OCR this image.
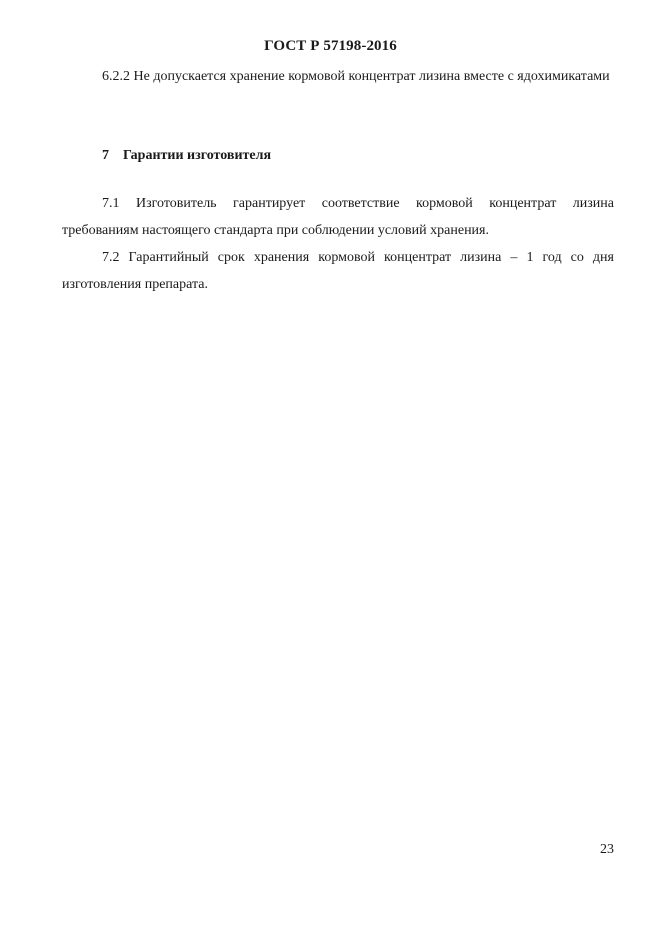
ГОСТ Р 57198-2016
6.2.2 Не допускается хранение кормовой концентрат лизина вместе с ядохимикатами
7 Гарантии изготовителя
7.1 Изготовитель гарантирует соответствие кормовой концентрат лизина требованиям настоящего стандарта при соблюдении условий хранения.
7.2 Гарантийный срок хранения кормовой концентрат лизина – 1 год со дня изготовления препарата.
23
